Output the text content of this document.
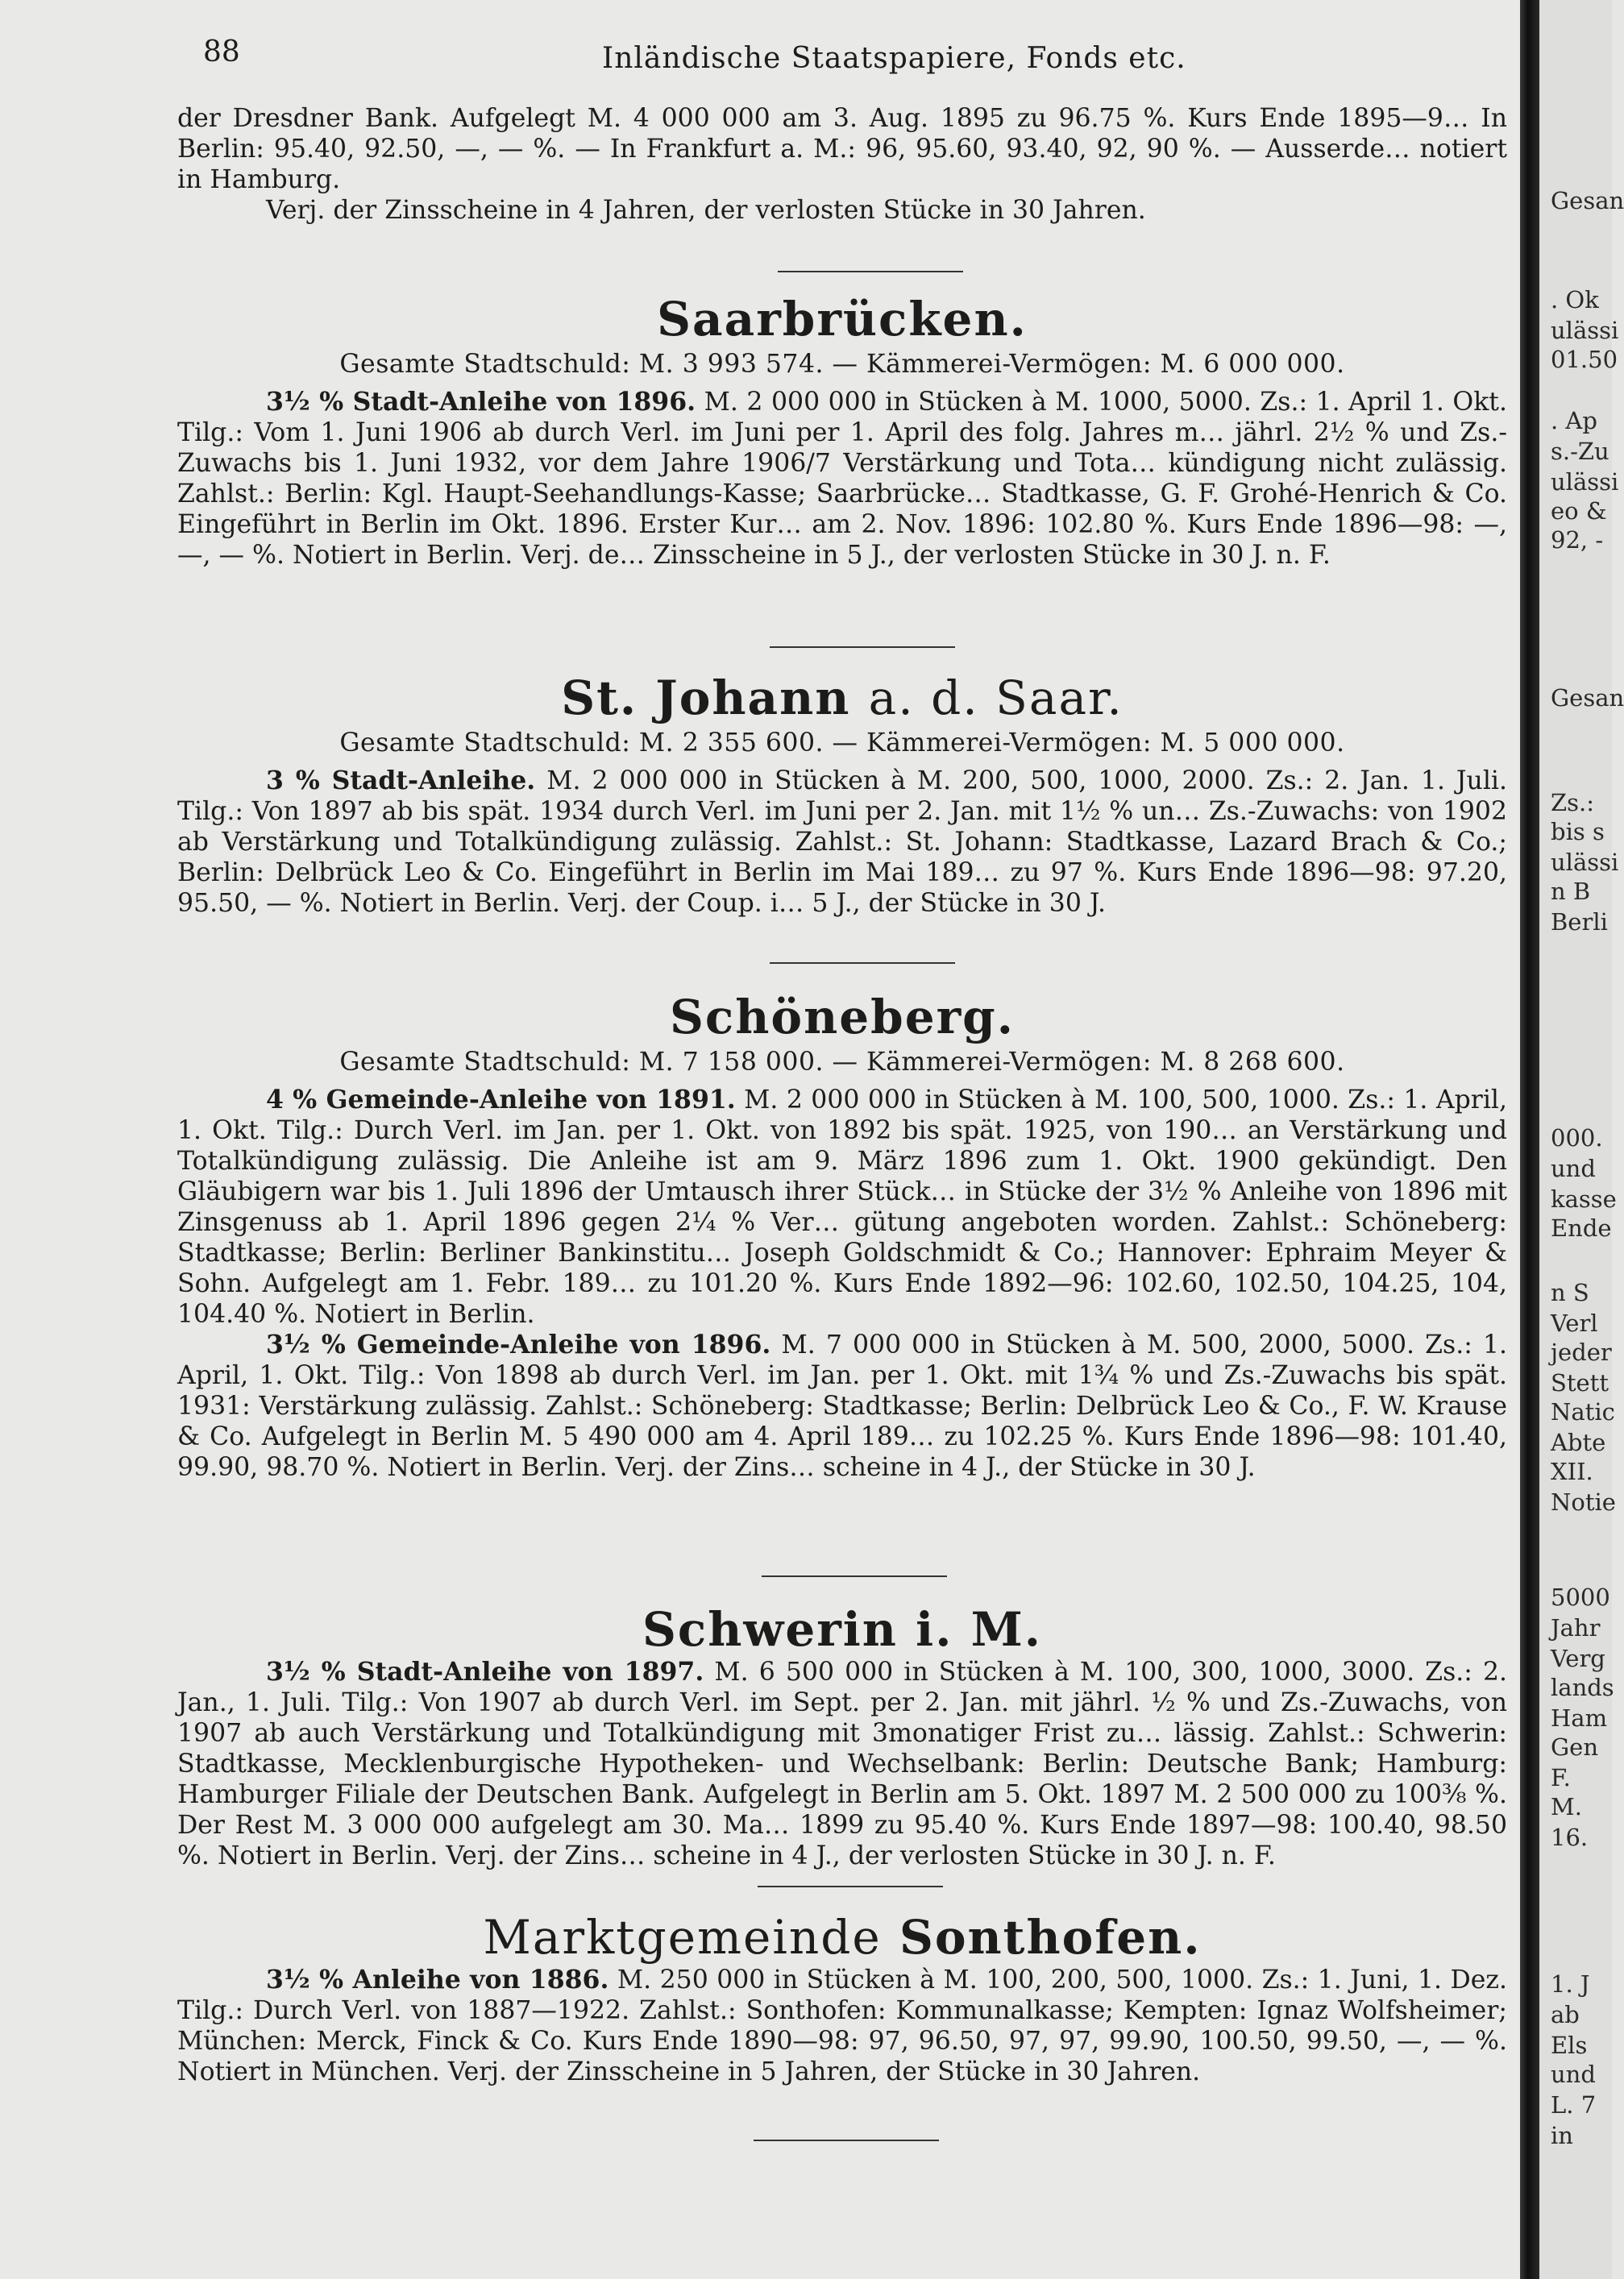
88	Inländische Staatspapiere, Fonds etc.

der Dresdner Bank. Aufgelegt M. 4 000 000 am 3. Aug. 1895 zu 96.75 %. Kurs Ende 1895—9… In Berlin: 95.40, 92.50, —, — %. — In Frankfurt a. M.: 96, 95.60, 93.40, 92, 90 %. — Ausserde… notiert in Hamburg.

Verj. der Zinsscheine in 4 Jahren, der verlosten Stücke in 30 Jahren.

Saarbrücken.
Gesamte Stadtschuld: M. 3 993 574. — Kämmerei-Vermögen: M. 6 000 000.

3½ % Stadt-Anleihe von 1896. M. 2 000 000 in Stücken à M. 1000, 5000. Zs.: 1. April 1. Okt. Tilg.: Vom 1. Juni 1906 ab durch Verl. im Juni per 1. April des folg. Jahres m… jährl. 2½ % und Zs.-Zuwachs bis 1. Juni 1932, vor dem Jahre 1906/7 Verstärkung und Tota… kündigung nicht zulässig. Zahlst.: Berlin: Kgl. Haupt-Seehandlungs-Kasse; Saarbrücke… Stadtkasse, G. F. Grohé-Henrich & Co. Eingeführt in Berlin im Okt. 1896. Erster Kur… am 2. Nov. 1896: 102.80 %. Kurs Ende 1896—98: —, —, — %. Notiert in Berlin. Verj. de… Zinsscheine in 5 J., der verlosten Stücke in 30 J. n. F.

St. Johann a. d. Saar.
Gesamte Stadtschuld: M. 2 355 600. — Kämmerei-Vermögen: M. 5 000 000.

3 % Stadt-Anleihe. M. 2 000 000 in Stücken à M. 200, 500, 1000, 2000. Zs.: 2. Jan. 1. Juli. Tilg.: Von 1897 ab bis spät. 1934 durch Verl. im Juni per 2. Jan. mit 1½ % un… Zs.-Zuwachs: von 1902 ab Verstärkung und Totalkündigung zulässig. Zahlst.: St. Johann: Stadtkasse, Lazard Brach & Co.; Berlin: Delbrück Leo & Co. Eingeführt in Berlin im Mai 189… zu 97 %. Kurs Ende 1896—98: 97.20, 95.50, — %. Notiert in Berlin. Verj. der Coup. i… 5 J., der Stücke in 30 J.

Schöneberg.
Gesamte Stadtschuld: M. 7 158 000. — Kämmerei-Vermögen: M. 8 268 600.

4 % Gemeinde-Anleihe von 1891. M. 2 000 000 in Stücken à M. 100, 500, 1000. Zs.: 1. April, 1. Okt. Tilg.: Durch Verl. im Jan. per 1. Okt. von 1892 bis spät. 1925, von 190… an Verstärkung und Totalkündigung zulässig. Die Anleihe ist am 9. März 1896 zum 1. Okt. 1900 gekündigt. Den Gläubigern war bis 1. Juli 1896 der Umtausch ihrer Stück… in Stücke der 3½ % Anleihe von 1896 mit Zinsgenuss ab 1. April 1896 gegen 2¼ % Ver… gütung angeboten worden. Zahlst.: Schöneberg: Stadtkasse; Berlin: Berliner Bankinstitu… Joseph Goldschmidt & Co.; Hannover: Ephraim Meyer & Sohn. Aufgelegt am 1. Febr. 189… zu 101.20 %. Kurs Ende 1892—96: 102.60, 102.50, 104.25, 104, 104.40 %. Notiert in Berlin.

3½ % Gemeinde-Anleihe von 1896. M. 7 000 000 in Stücken à M. 500, 2000, 5000. Zs.: 1. April, 1. Okt. Tilg.: Von 1898 ab durch Verl. im Jan. per 1. Okt. mit 1¾ % und Zs.-Zuwachs bis spät. 1931: Verstärkung zulässig. Zahlst.: Schöneberg: Stadtkasse; Berlin: Delbrück Leo & Co., F. W. Krause & Co. Aufgelegt in Berlin M. 5 490 000 am 4. April 189… zu 102.25 %. Kurs Ende 1896—98: 101.40, 99.90, 98.70 %. Notiert in Berlin. Verj. der Zins… scheine in 4 J., der Stücke in 30 J.

Schwerin i. M.

3½ % Stadt-Anleihe von 1897. M. 6 500 000 in Stücken à M. 100, 300, 1000, 3000. Zs.: 2. Jan., 1. Juli. Tilg.: Von 1907 ab durch Verl. im Sept. per 2. Jan. mit jährl. ½ % und Zs.-Zuwachs, von 1907 ab auch Verstärkung und Totalkündigung mit 3monatiger Frist zu… lässig. Zahlst.: Schwerin: Stadtkasse, Mecklenburgische Hypotheken- und Wechselbank: Berlin: Deutsche Bank; Hamburg: Hamburger Filiale der Deutschen Bank. Aufgelegt in Berlin am 5. Okt. 1897 M. 2 500 000 zu 100⅜ %. Der Rest M. 3 000 000 aufgelegt am 30. Ma… 1899 zu 95.40 %. Kurs Ende 1897—98: 100.40, 98.50 %. Notiert in Berlin. Verj. der Zins… scheine in 4 J., der verlosten Stücke in 30 J. n. F.

Marktgemeinde Sonthofen.

3½ % Anleihe von 1886. M. 250 000 in Stücken à M. 100, 200, 500, 1000. Zs.: 1. Juni, 1. Dez. Tilg.: Durch Verl. von 1887—1922. Zahlst.: Sonthofen: Kommunalkasse; Kempten: Ignaz Wolfsheimer; München: Merck, Finck & Co. Kurs Ende 1890—98: 97, 96.50, 97, 97, 99.90, 100.50, 99.50, —, — %. Notiert in München. Verj. der Zinsscheine in 5 Jahren, der Stücke in 30 Jahren.

Gesan
. Ok
ulässi
01.50
. Ap
s.-Zu
ulässi
eo &
92, -
Gesan
Zs.:
bis s
ulässi
n B
Berli
000.
und
kasse
Ende
n S
Verl
jeder
Stett
Natic
Abte
XII.
Notie
5000
Jahr
Verg
lands
Ham
Gen
F.
M.
16.
1. J
ab
Els
und
L. 7
in
